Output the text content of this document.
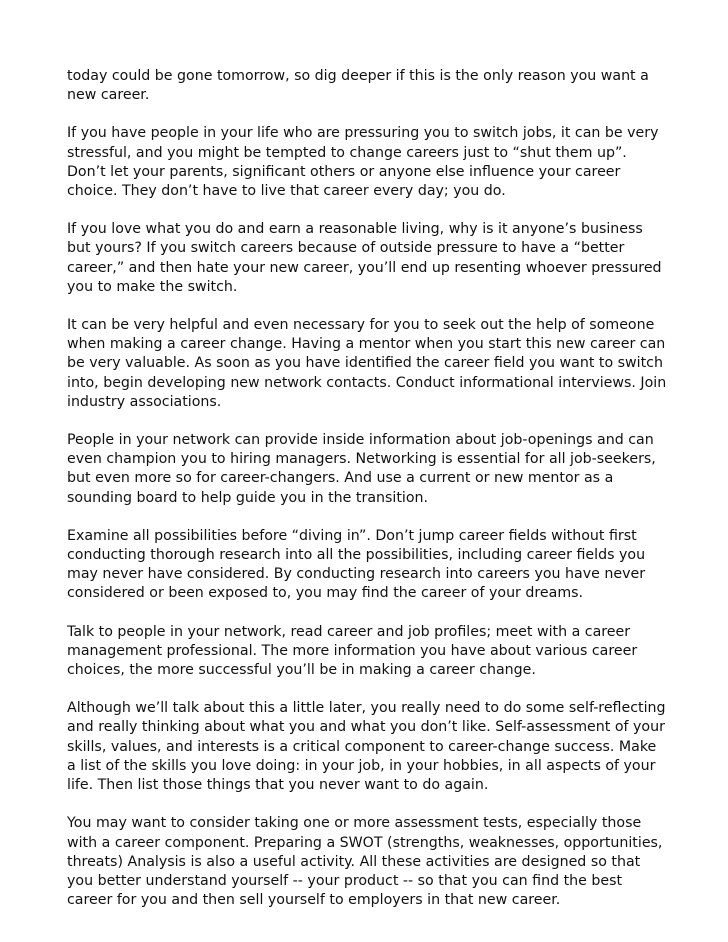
today could be gone tomorrow, so dig deeper if this is the only reason you want a new career.

If you have people in your life who are pressuring you to switch jobs, it can be very stressful, and you might be tempted to change careers just to “shut them up”. Don’t let your parents, significant others or anyone else influence your career choice. They don’t have to live that career every day; you do.

If you love what you do and earn a reasonable living, why is it anyone’s business but yours? If you switch careers because of outside pressure to have a “better career,” and then hate your new career, you’ll end up resenting whoever pressured you to make the switch.

It can be very helpful and even necessary for you to seek out the help of someone when making a career change. Having a mentor when you start this new career can be very valuable. As soon as you have identified the career field you want to switch into, begin developing new network contacts. Conduct informational interviews. Join industry associations.

People in your network can provide inside information about job-openings and can even champion you to hiring managers. Networking is essential for all job-seekers, but even more so for career-changers. And use a current or new mentor as a sounding board to help guide you in the transition.

Examine all possibilities before “diving in”. Don’t jump career fields without first conducting thorough research into all the possibilities, including career fields you may never have considered. By conducting research into careers you have never considered or been exposed to, you may find the career of your dreams.

Talk to people in your network, read career and job profiles; meet with a career management professional. The more information you have about various career choices, the more successful you’ll be in making a career change.

Although we’ll talk about this a little later, you really need to do some self-reflecting and really thinking about what you and what you don’t like. Self-assessment of your skills, values, and interests is a critical component to career-change success. Make a list of the skills you love doing: in your job, in your hobbies, in all aspects of your life. Then list those things that you never want to do again.

You may want to consider taking one or more assessment tests, especially those with a career component. Preparing a SWOT (strengths, weaknesses, opportunities, threats) Analysis is also a useful activity. All these activities are designed so that you better understand yourself -- your product -- so that you can find the best career for you and then sell yourself to employers in that new career.
